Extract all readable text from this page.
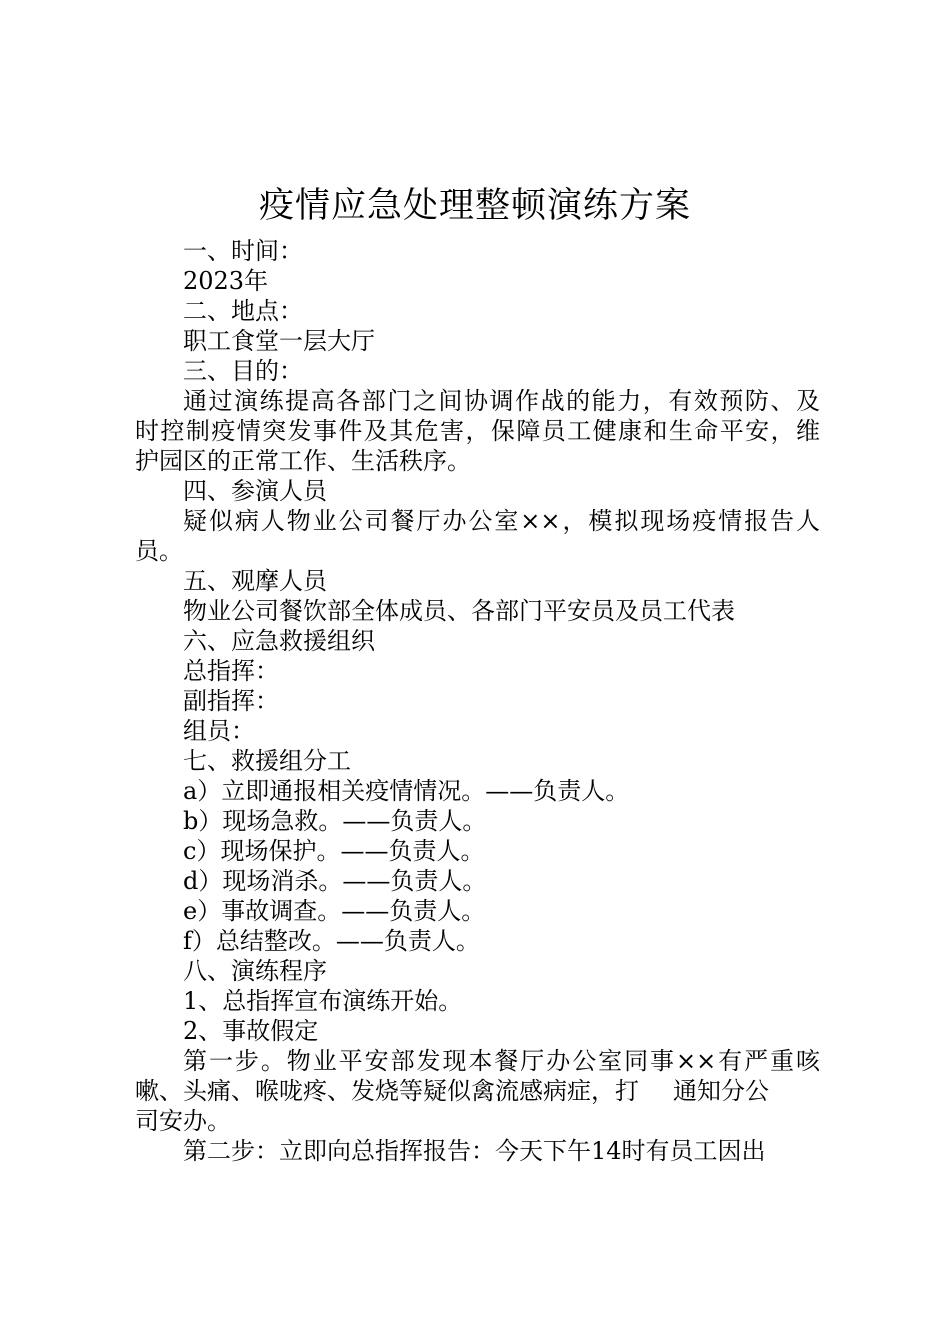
疫情应急处理整顿演练方案

一、时间：

2023年

二、地点：

职工食堂一层大厅

三、目的：

通过演练提高各部门之间协调作战的能力，有效预防、及

时控制疫情突发事件及其危害，保障员工健康和生命平安，维

护园区的正常工作、生活秩序。

四、参演人员

疑似病人物业公司餐厅办公室××，模拟现场疫情报告人

员。

五、观摩人员

物业公司餐饮部全体成员、各部门平安员及员工代表

六、应急救援组织

总指挥：

副指挥：

组员：

七、救援组分工

a）立即通报相关疫情情况。——负责人。

b）现场急救。——负责人。

c）现场保护。——负责人。

d）现场消杀。——负责人。

e）事故调查。——负责人。

f）总结整改。——负责人。

八、演练程序

1、总指挥宣布演练开始。

2、事故假定

第一步。物业平安部发现本餐厅办公室同事××有严重咳

嗽、头痛、喉咙疼、发烧等疑似禽流感病症，打 通知分公

司安办。

第二步：立即向总指挥报告：今天下午14时有员工因出
